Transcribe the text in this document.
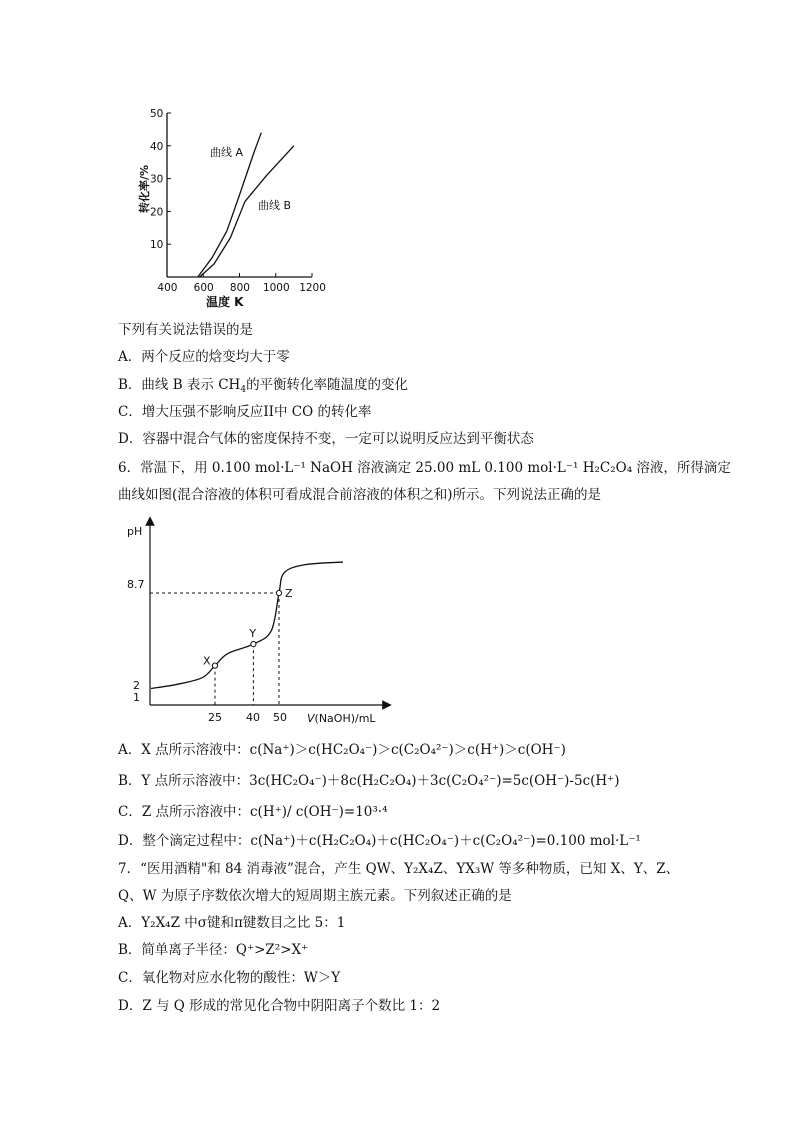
50
40
30
20
10
400 600 800 1000 1200
曲线 A
曲线 B
转化率/%
温度 K
下列有关说法错误的是
A．两个反应的焓变均大于零
B．曲线 B 表示 $CH_4$的平衡转化率随温度的变化
C．增大压强不影响反应II中 CO 的转化率
D．容器中混合气体的密度保持不变，一定可以说明反应达到平衡状态
6．常温下，用 0.100 mol·L⁻¹ NaOH 溶液滴定 25.00 mL 0.100 mol·L⁻¹ H₂C₂O₄ 溶液，所得滴定
曲线如图(混合溶液的体积可看成混合前溶液的体积之和)所示。下列说法正确的是
pH
X
Y
Z
8.7
2
1
25 40 50 V(NaOH)/mL
A．X 点所示溶液中：c(Na⁺)＞c(HC₂O₄⁻)＞c(C₂O₄²⁻)＞c(H⁺)＞c(OH⁻)
B．Y 点所示溶液中：3c(HC₂O₄⁻)＋8c(H₂C₂O₄)＋3c(C₂O₄²⁻)=5c(OH⁻)-5c(H⁺)
C．Z 点所示溶液中：c(H⁺)/ c(OH⁻)=10³·⁴
D．整个滴定过程中：c(Na⁺)＋c(H₂C₂O₄)＋c(HC₂O₄⁻)＋c(C₂O₄²⁻)=0.100 mol·L⁻¹
7．“医用酒精"和 84 消毒液”混合，产生 QW、Y₂X₄Z、YX₃W 等多种物质，已知 X、Y、Z、
Q、W 为原子序数依次增大的短周期主族元素。下列叙述正确的是
A．Y₂X₄Z 中σ键和π键数目之比 5：1
B．简单离子半径：Q⁺>Z²>X⁺
C．氧化物对应水化物的酸性：W＞Y
D．Z 与 Q 形成的常见化合物中阴阳离子个数比 1：2
